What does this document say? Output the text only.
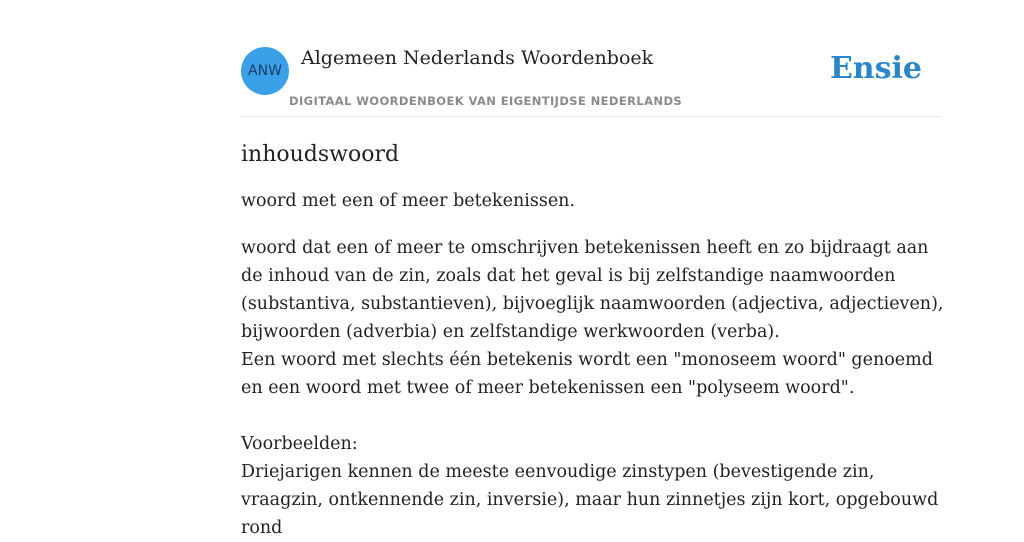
ANW
Algemeen Nederlands Woordenboek
DIGITAAL WOORDENBOEK VAN EIGENTIJDSE NEDERLANDS
Ensie
inhoudswoord

woord met een of meer betekenissen.

woord dat een of meer te omschrijven betekenissen heeft en zo bijdraagt aan de inhoud van de zin, zoals dat het geval is bij zelfstandige naamwoorden (substantiva, substantieven), bijvoeglijk naamwoorden (adjectiva, adjectieven), bijwoorden (adverbia) en zelfstandige werkwoorden (verba).
Een woord met slechts één betekenis wordt een "monoseem woord" genoemd en een woord met twee of meer betekenissen een "polyseem woord".

Voorbeelden:
Driejarigen kennen de meeste eenvoudige zinstypen (bevestigende zin, vraagzin, ontkennende zin, inversie), maar hun zinnetjes zijn kort, opgebouwd rond
